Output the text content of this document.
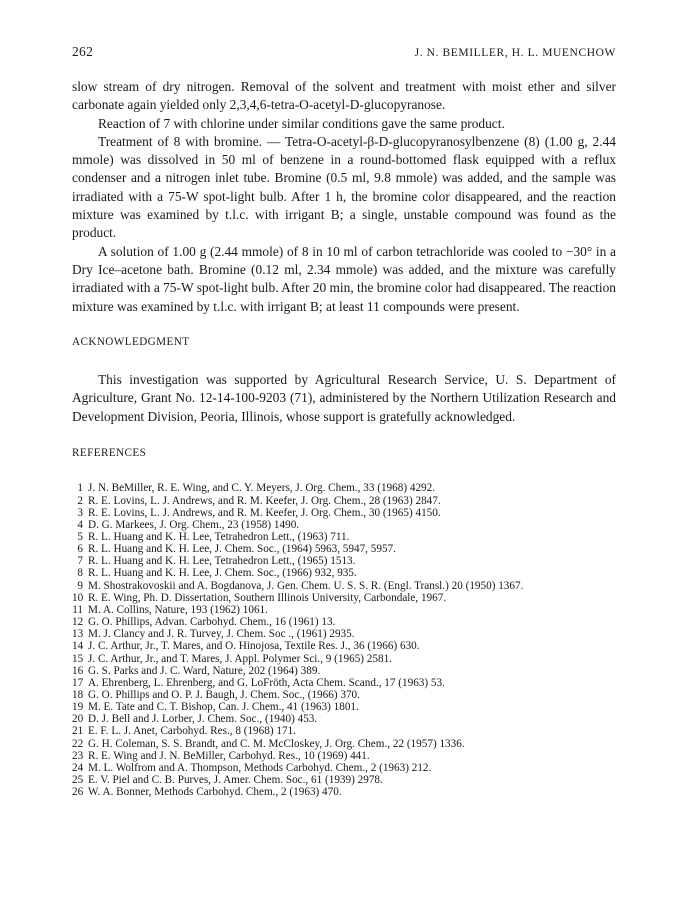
262	J. N. BEMILLER, H. L. MUENCHOW

slow stream of dry nitrogen. Removal of the solvent and treatment with moist ether and silver carbonate again yielded only 2,3,4,6-tetra-O-acetyl-D-glucopyranose.

Reaction of 7 with chlorine under similar conditions gave the same product.

Treatment of 8 with bromine. — Tetra-O-acetyl-β-D-glucopyranosylbenzene (8) (1.00 g, 2.44 mmole) was dissolved in 50 ml of benzene in a round-bottomed flask equipped with a reflux condenser and a nitrogen inlet tube. Bromine (0.5 ml, 9.8 mmole) was added, and the sample was irradiated with a 75-W spot-light bulb. After 1 h, the bromine color disappeared, and the reaction mixture was examined by t.l.c. with irrigant B; a single, unstable compound was found as the product.

A solution of 1.00 g (2.44 mmole) of 8 in 10 ml of carbon tetrachloride was cooled to −30° in a Dry Ice–acetone bath. Bromine (0.12 ml, 2.34 mmole) was added, and the mixture was carefully irradiated with a 75-W spot-light bulb. After 20 min, the bromine color had disappeared. The reaction mixture was examined by t.l.c. with irrigant B; at least 11 compounds were present.

ACKNOWLEDGMENT

This investigation was supported by Agricultural Research Service, U. S. Department of Agriculture, Grant No. 12-14-100-9203 (71), administered by the Northern Utilization Research and Development Division, Peoria, Illinois, whose support is gratefully acknowledged.

REFERENCES
1 J. N. BeMiller, R. E. Wing, and C. Y. Meyers, J. Org. Chem., 33 (1968) 4292.
2 R. E. Lovins, L. J. Andrews, and R. M. Keefer, J. Org. Chem., 28 (1963) 2847.
3 R. E. Lovins, L. J. Andrews, and R. M. Keefer, J. Org. Chem., 30 (1965) 4150.
4 D. G. Markees, J. Org. Chem., 23 (1958) 1490.
5 R. L. Huang and K. H. Lee, Tetrahedron Lett., (1963) 711.
6 R. L. Huang and K. H. Lee, J. Chem. Soc., (1964) 5963, 5947, 5957.
7 R. L. Huang and K. H. Lee, Tetrahedron Lett., (1965) 1513.
8 R. L. Huang and K. H. Lee, J. Chem. Soc., (1966) 932, 935.
9 M. Shostrakovoskii and A. Bogdanova, J. Gen. Chem. U. S. S. R. (Engl. Transl.) 20 (1950) 1367.
10 R. E. Wing, Ph. D. Dissertation, Southern Illinois University, Carbondale, 1967.
11 M. A. Collins, Nature, 193 (1962) 1061.
12 G. O. Phillips, Advan. Carbohyd. Chem., 16 (1961) 13.
13 M. J. Clancy and J. R. Turvey, J. Chem. Soc ., (1961) 2935.
14 J. C. Arthur, Jr., T. Mares, and O. Hinojosa, Textile Res. J., 36 (1966) 630.
15 J. C. Arthur, Jr., and T. Mares, J. Appl. Polymer Sci., 9 (1965) 2581.
16 G. S. Parks and J. C. Ward, Nature, 202 (1964) 389.
17 A. Ehrenberg, L. Ehrenberg, and G. LoFröth, Acta Chem. Scand., 17 (1963) 53.
18 G. O. Phillips and O. P. J. Baugh, J. Chem. Soc., (1966) 370.
19 M. E. Tate and C. T. Bishop, Can. J. Chem., 41 (1963) 1801.
20 D. J. Bell and J. Lorber, J. Chem. Soc., (1940) 453.
21 E. F. L. J. Anet, Carbohyd. Res., 8 (1968) 171.
22 G. H. Coleman, S. S. Brandt, and C. M. McCloskey, J. Org. Chem., 22 (1957) 1336.
23 R. E. Wing and J. N. BeMiller, Carbohyd. Res., 10 (1969) 441.
24 M. L. Wolfrom and A. Thompson, Methods Carbohyd. Chem., 2 (1963) 212.
25 E. V. Piel and C. B. Purves, J. Amer. Chem. Soc., 61 (1939) 2978.
26 W. A. Bonner, Methods Carbohyd. Chem., 2 (1963) 470.
